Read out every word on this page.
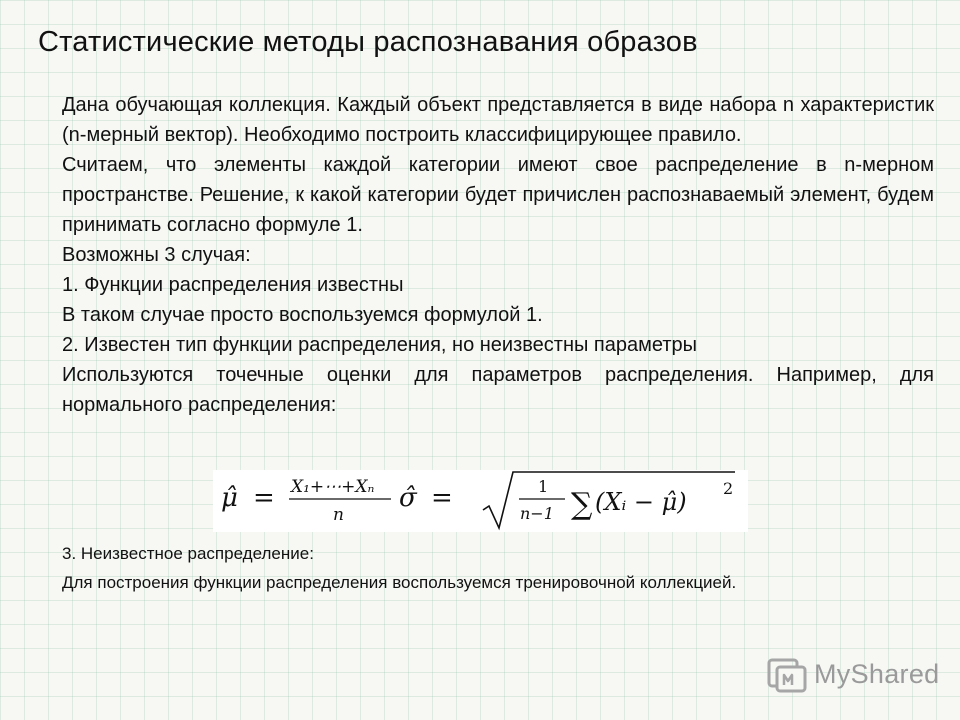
Статистические методы распознавания образов

Дана обучающая коллекция. Каждый объект представляется в виде набора n характеристик (n-мерный вектор). Необходимо построить классифицирующее правило.

Считаем, что элементы каждой категории имеют свое распределение в n-мерном пространстве. Решение, к какой категории будет причислен распознаваемый элемент, будем принимать согласно формуле 1.

Возможны 3 случая:

1. Функции распределения известны

В таком случае просто воспользуемся формулой 1.

2. Известен тип функции распределения, но неизвестны параметры

Используются точечные оценки для параметров распределения. Например, для нормального распределения:

μ̂ = X₁+⋯+Xₙ
n
σ̂ =	1
n−1 ∑ (Xᵢ − μ̂) 2

3. Неизвестное распределение:

Для построения функции распределения воспользуемся тренировочной коллекцией.

MyShared
